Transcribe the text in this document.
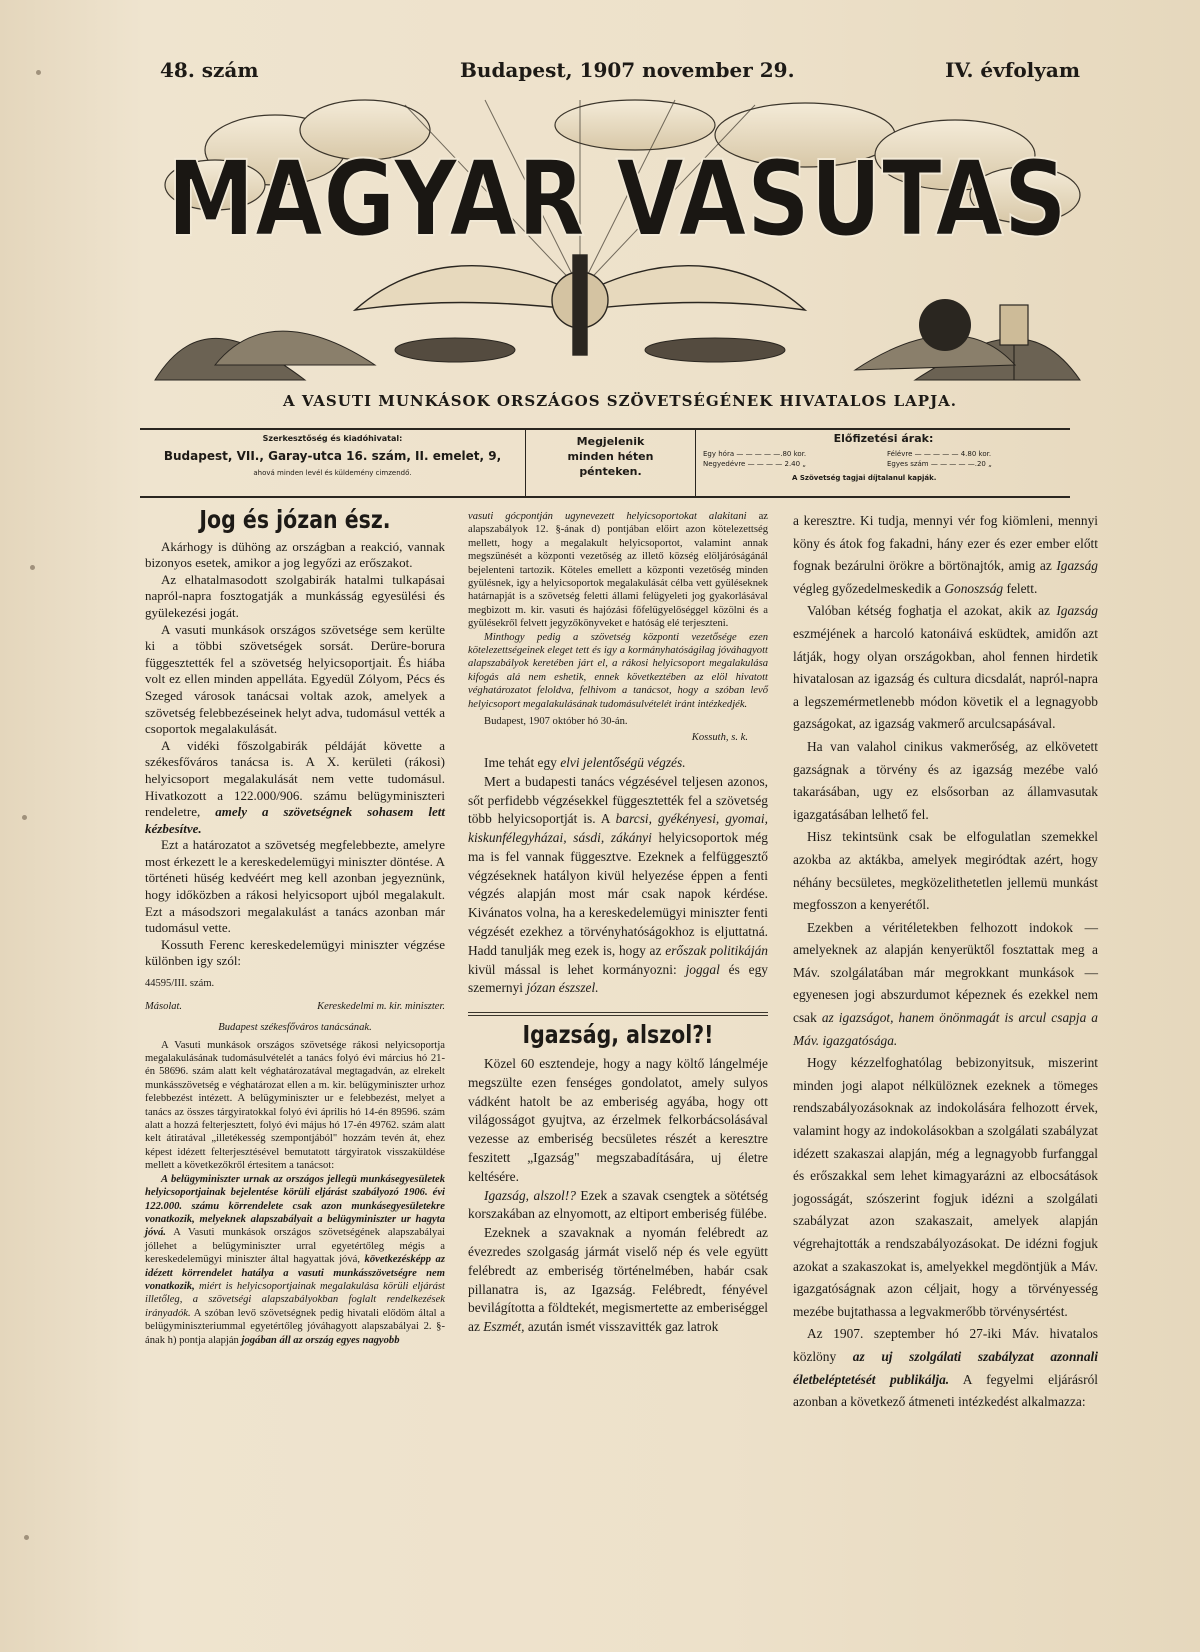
48. szám	Budapest, 1907 november 29.	IV. évfolyam
MAGYAR VASUTAS
A VASUTI MUNKÁSOK ORSZÁGOS SZÖVETSÉGÉNEK HIVATALOS LAPJA.
Szerkesztőség és kiadóhivatal:
Budapest, VII., Garay-utca 16. szám, II. emelet, 9,
ahová minden levél és küldemény cimzendő.
Megjelenik
minden héten
pénteken.
Előfizetési árak:
Egy hóra — — — — —.80 kor.
Negyedévre — — — — 2.40 „
Félévre — — — — — 4.80 kor.
Egyes szám — — — — —.20 „
A Szövetség tagjai díjtalanul kapják.
Jog és józan ész.

Akárhogy is dühöng az országban a reakció, vannak bizonyos esetek, amikor a jog legyőzi az erőszakot.

Az elhatalmasodott szolgabirák hatalmi tulkapásai napról-napra fosztogatják a munkásság egyesülési és gyülekezési jogát.

A vasuti munkások országos szövetsége sem kerülte ki a többi szövetségek sorsát. Derüre-borura függesztették fel a szövetség helyicsoportjait. És hiába volt ez ellen minden appelláta. Egyedül Zólyom, Pécs és Szeged városok tanácsai voltak azok, amelyek a szövetség felebbezéseinek helyt adva, tudomásul vették a csoportok megalakulását.

A vidéki főszolgabirák példáját követte a székesfőváros tanácsa is. A X. kerületi (rákosi) helyicsoport megalakulását nem vette tudomásul. Hivatkozott a 122.000/906. számu belügyminiszteri rendeletre, amely a szövetségnek sohasem lett kézbesítve.

Ezt a határozatot a szövetség megfelebbezte, amelyre most érkezett le a kereskedelemügyi miniszter döntése. A történeti hüség kedvéért meg kell azonban jegyeznünk, hogy időközben a rákosi helyicsoport ujból megalakult. Ezt a másodszori megalakulást a tanács azonban már tudomásul vette.

Kossuth Ferenc kereskedelemügyi miniszter végzése különben igy szól:

44595/III. szám.
Másolat.	Kereskedelmi m. kir. miniszter.
Budapest székesfőváros tanácsának.

A Vasuti munkások országos szövetsége rákosi nelyicsoportja megalakulásának tudomásulvételét a tanács folyó évi március hó 21-én 58696. szám alatt kelt véghatározatával megtagadván, az elrekelt munkásszövetség e véghatározat ellen a m. kir. belügyminiszter urhoz felebbezést intézett. A belügyminiszter ur e felebbezést, melyet a tanács az összes tárgyiratokkal folyó évi április hó 14-én 89596. szám alatt a hozzá felterjesztett, folyó évi május hó 17-én 49762. szám alatt kelt átiratával „illetékesség szempontjából" hozzám tevén át, ehez képest idézett felterjesztésével bemutatott tárgyiratok visszaküldése mellett a következőkről értesitem a tanácsot:

A belügyminiszter urnak az országos jellegü munkásegyesületek helyicsoportjainak bejelentése körüli eljárást szabályozó 1906. évi 122.000. számu körrendelete csak azon munkásegyesületekre vonatkozik, melyeknek alapszabályait a belügyminiszter ur hagyta jóvá. A Vasuti munkások országos szövetségének alapszabályai jóllehet a belügyminiszter urral egyetértőleg mégis a kereskedelemügyi miniszter által hagyattak jóvá, következésképp az idézett körrendelet hatálya a vasuti munkásszövetségre nem vonatkozik, miért is helyicsoportjainak megalakulása körüli eljárást illetőleg, a szövetségi alapszabályokban foglalt rendelkezések irányadók. A szóban levő szövetségnek pedig hivatali elődöm által a belügyminiszteriummal egyetértőleg jóváhagyott alapszabályai 2. §-ának h) pontja alapján jogában áll az ország egyes nagyobb

vasuti gócpontján ugynevezett helyicsoportokat alakitani az alapszabályok 12. §-ának d) pontjában előirt azon kötelezettség mellett, hogy a megalakult helyicsoportot, valamint annak megszünését a központi vezetőség az illető község elöljáróságánál bejelenteni tartozik. Köteles emellett a központi vezetőség minden gyülésnek, igy a helyicsoportok megalakulását célba vett gyüléseknek határnapját is a szövetség feletti állami felügyeleti jog gyakorlásával megbizott m. kir. vasuti és hajózási főfelügyelőséggel közölni és a gyülésekről felvett jegyzőkönyveket e hatóság elé terjeszteni.

Minthogy pedig a szövetség központi vezetősége ezen kötelezettségeinek eleget tett és igy a kormányhatóságilag jóváhagyott alapszabályok keretében járt el, a rákosi helyicsoport megalakulása kifogás alá nem eshetik, ennek következtében az elöl hivatott véghatározatot feloldva, felhivom a tanácsot, hogy a szóban levő helyicsoport megalakulásának tudomásulvételét iránt intézkedjék.

Budapest, 1907 október hó 30-án.

Kossuth, s. k.

Ime tehát egy elvi jelentőségü végzés.

Mert a budapesti tanács végzésével teljesen azonos, sőt perfidebb végzésekkel függesztették fel a szövetség több helyicsoportját is. A barcsi, gyékényesi, gyomai, kiskunfélegyházai, sásdi, zákányi helyicsoportok még ma is fel vannak függesztve. Ezeknek a felfüggesztő végzéseknek hatályon kivül helyezése éppen a fenti végzés alapján most már csak napok kérdése. Kivánatos volna, ha a kereskedelemügyi miniszter fenti végzését ezekhez a törvényhatóságokhoz is eljuttatná. Hadd tanulják meg ezek is, hogy az erőszak politikáján kivül mással is lehet kormányozni: joggal és egy szemernyi józan észszel.

Igazság, alszol?!

Közel 60 esztendeje, hogy a nagy költő lángelméje megszülte ezen fenséges gondolatot, amely sulyos vádként hatolt be az emberiség agyába, hogy ott világosságot gyujtva, az érzelmek felkorbácsolásával vezesse az emberiség becsületes részét a keresztre feszitett „Igazság" megszabadítására, uj életre keltésére.

Igazság, alszol!? Ezek a szavak csengtek a sötétség korszakában az elnyomott, az eltiport emberiség fülébe.

Ezeknek a szavaknak a nyomán felébredt az évezredes szolgaság jármát viselő nép és vele együtt felébredt az emberiség történelmében, habár csak pillanatra is, az Igazság. Felébredt, fényével bevilágította a földtekét, megismertette az emberiséggel az Eszmét, azután ismét visszavitték gaz latrok

a keresztre. Ki tudja, mennyi vér fog kiömleni, mennyi köny és átok fog fakadni, hány ezer és ezer ember előtt fognak bezárulni örökre a börtönajtók, amig az Igazság végleg győzedelmeskedik a Gonoszság felett.

Valóban kétség foghatja el azokat, akik az Igazság eszméjének a harcoló katonáivá esküdtek, amidőn azt látják, hogy olyan országokban, ahol fennen hirdetik hivatalosan az igazság és cultura dicsdalát, napról-napra a legszemérmetlenebb módon követik el a legnagyobb gazságokat, az igazság vakmerő arculcsapásával.

Ha van valahol cinikus vakmerőség, az elkövetett gazságnak a törvény és az igazság mezébe való takarásában, ugy ez elsősorban az államvasutak igazgatásában lelhető fel.

Hisz tekintsünk csak be elfogulatlan szemekkel azokba az aktákba, amelyek megiródtak azért, hogy néhány becsületes, megközelithetetlen jellemü munkást megfosszon a kenyerétől.

Ezekben a véritéletekben felhozott indokok — amelyeknek az alapján kenyerüktől fosztattak meg a Máv. szolgálatában már megrokkant munkások — egyenesen jogi abszurdumot képeznek és ezekkel nem csak az igazságot, hanem önönmagát is arcul csapja a Máv. igazgatósága.

Hogy kézzelfoghatólag bebizonyitsuk, miszerint minden jogi alapot nélkülöznek ezeknek a tömeges rendszabályozásoknak az indokolására felhozott érvek, valamint hogy az indokolásokban a szolgálati szabályzat idézett szakaszai alapján, még a legnagyobb furfanggal és erőszakkal sem lehet kimagyarázni az elbocsátások jogosságát, szószerint fogjuk idézni a szolgálati szabályzat azon szakaszait, amelyek alapján végrehajtották a rendszabályozásokat. De idézni fogjuk azokat a szakaszokat is, amelyekkel megdöntjük a Máv. igazgatóságnak azon céljait, hogy a törvényesség mezébe bujtathassa a legvakmerőbb törvénysértést.

Az 1907. szeptember hó 27-iki Máv. hivatalos közlöny az uj szolgálati szabályzat azonnali életbeléptetését publikálja. A fegyelmi eljárásról azonban a következő átmeneti intézkedést alkalmazza:
